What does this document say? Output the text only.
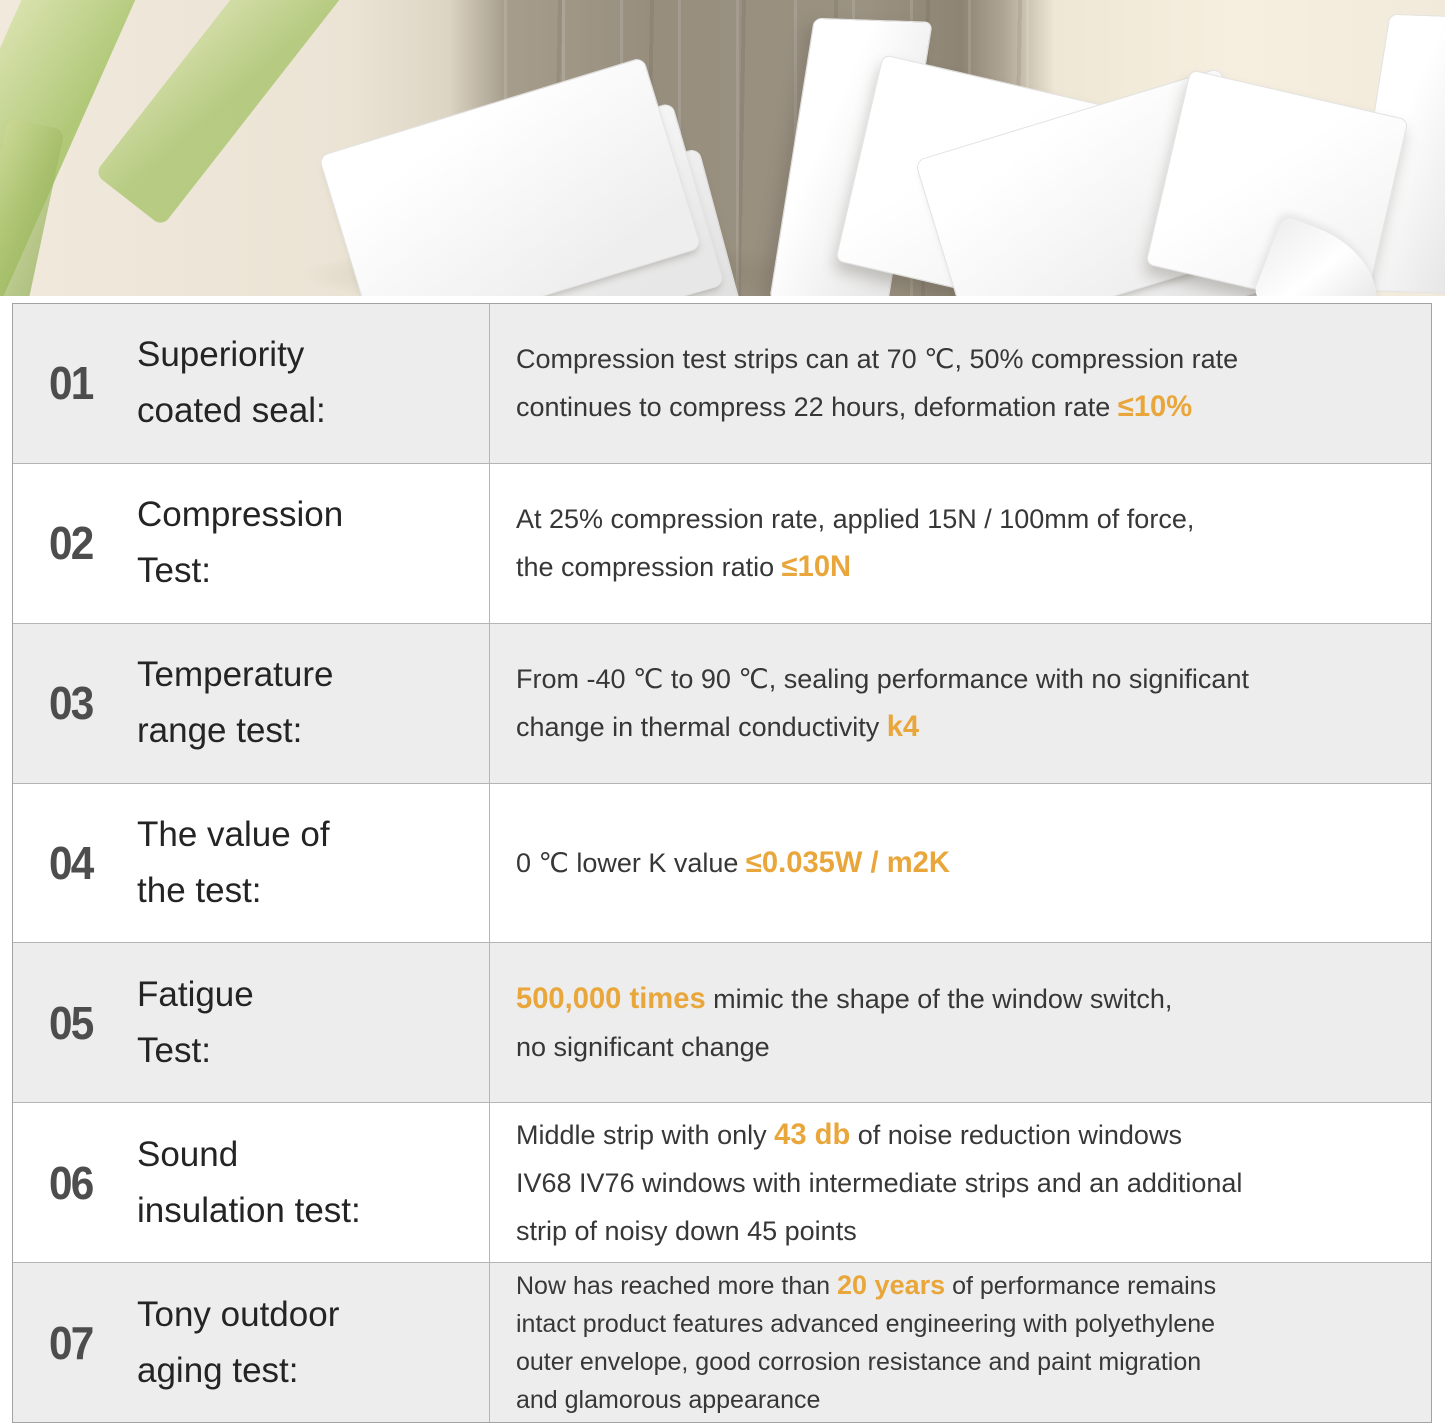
01
Superiority
coated seal:
Compression test strips can at 70 ℃, 50% compression rate
continues to compress 22 hours, deformation rate ≤10%
02
Compression
Test:
At 25% compression rate, applied 15N / 100mm of force,
the compression ratio ≤10N
03
Temperature
range test:
From -40 ℃ to 90 ℃, sealing performance with no significant
change in thermal conductivity k4
04
The value of
the test:
0 ℃ lower K value ≤0.035W / m2K
05
Fatigue
Test:
500,000 times mimic the shape of the window switch,
no significant change
06
Sound
insulation test:
Middle strip with only 43 db of noise reduction windows
IV68 IV76 windows with intermediate strips and an additional
strip of noisy down 45 points
07
Tony outdoor
aging test:
Now has reached more than 20 years of performance remains
intact product features advanced engineering with polyethylene
outer envelope, good corrosion resistance and paint migration
and glamorous appearance
